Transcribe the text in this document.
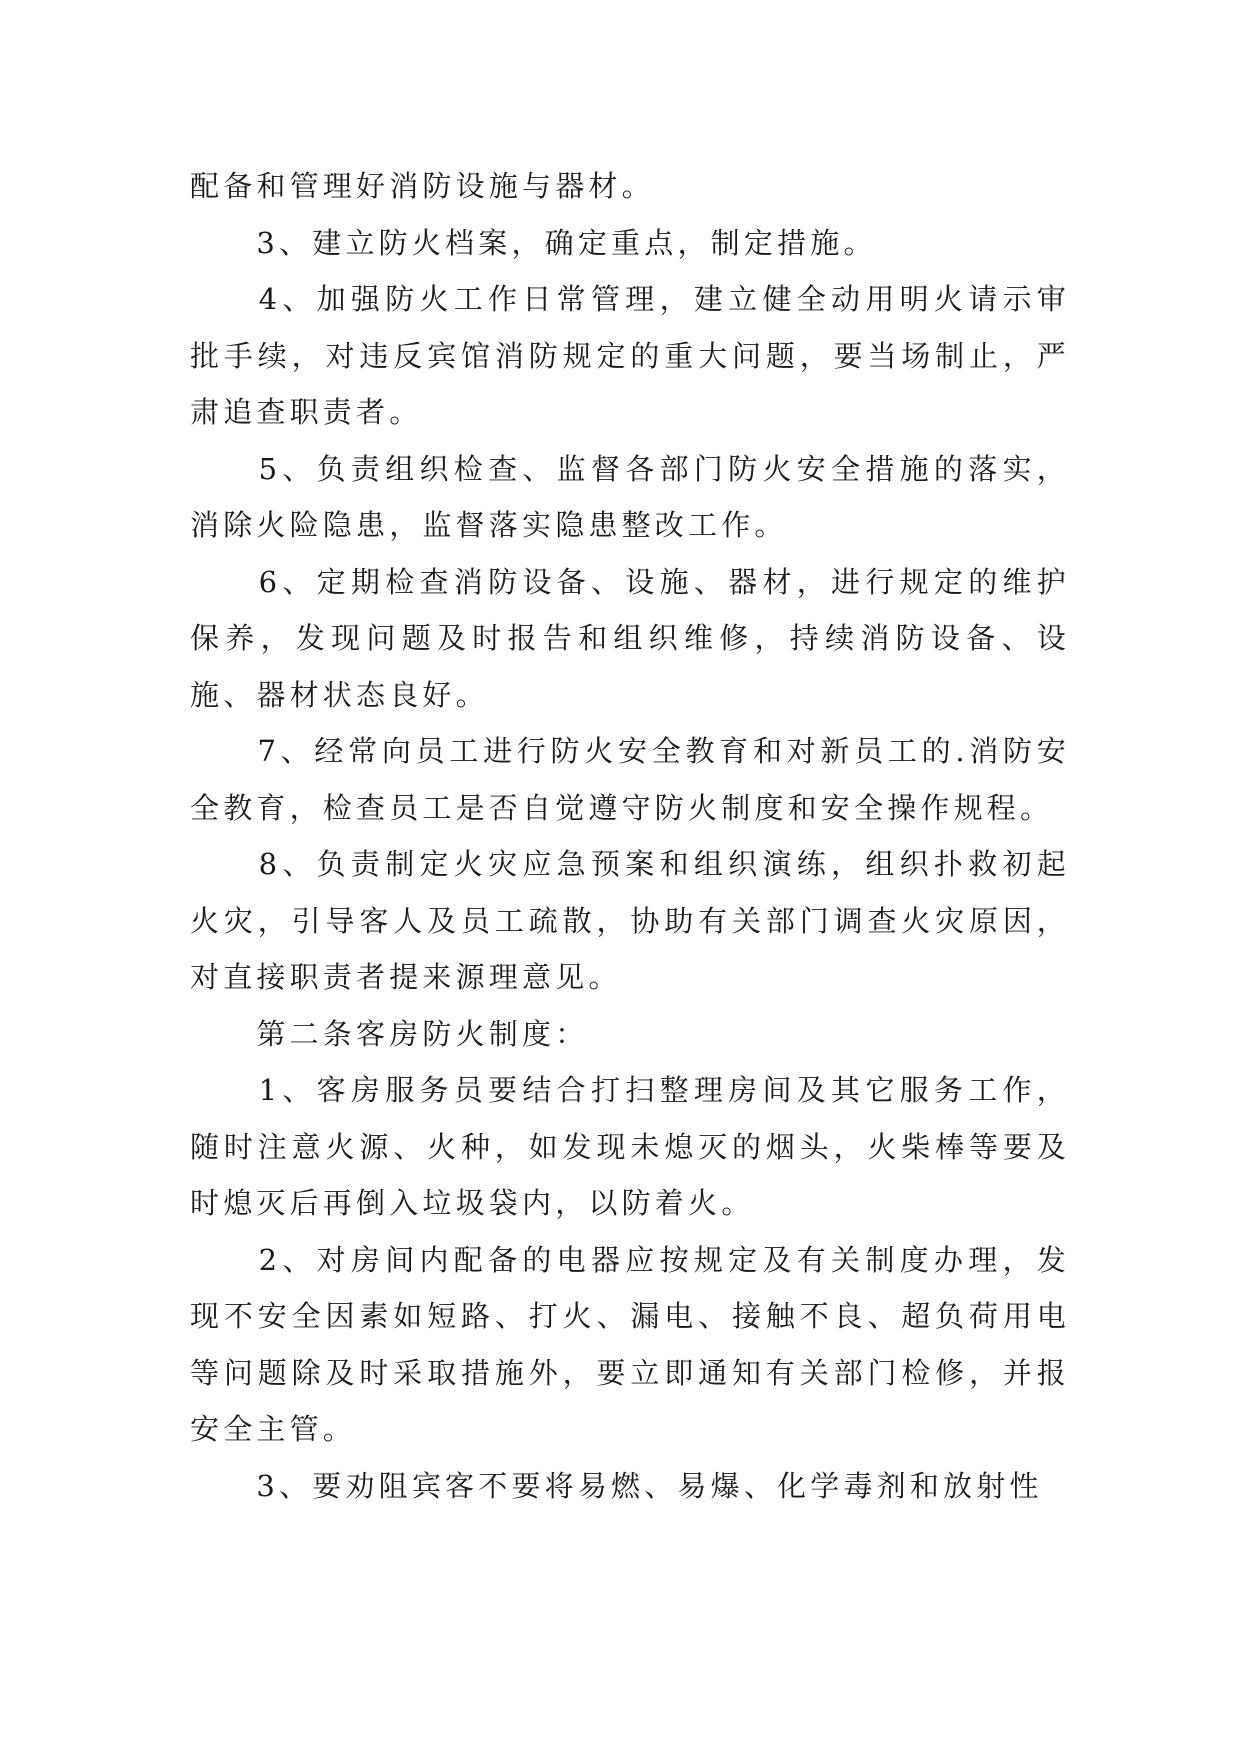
配备和管理好消防设施与器材。

　　3、建立防火档案，确定重点，制定措施。

　　4、加强防火工作日常管理，建立健全动用明火请示审批手续，对违反宾馆消防规定的重大问题，要当场制止，严肃追查职责者。

　　5、负责组织检查、监督各部门防火安全措施的落实，消除火险隐患，监督落实隐患整改工作。

　　6、定期检查消防设备、设施、器材，进行规定的维护保养，发现问题及时报告和组织维修，持续消防设备、设施、器材状态良好。

　　7、经常向员工进行防火安全教育和对新员工的.消防安全教育，检查员工是否自觉遵守防火制度和安全操作规程。

　　8、负责制定火灾应急预案和组织演练，组织扑救初起火灾，引导客人及员工疏散，协助有关部门调查火灾原因，对直接职责者提来源理意见。

　　第二条客房防火制度：

　　1、客房服务员要结合打扫整理房间及其它服务工作，随时注意火源、火种，如发现未熄灭的烟头，火柴棒等要及时熄灭后再倒入垃圾袋内，以防着火。

　　2、对房间内配备的电器应按规定及有关制度办理，发现不安全因素如短路、打火、漏电、接触不良、超负荷用电等问题除及时采取措施外，要立即通知有关部门检修，并报安全主管。

　　3、要劝阻宾客不要将易燃、易爆、化学毒剂和放射性
